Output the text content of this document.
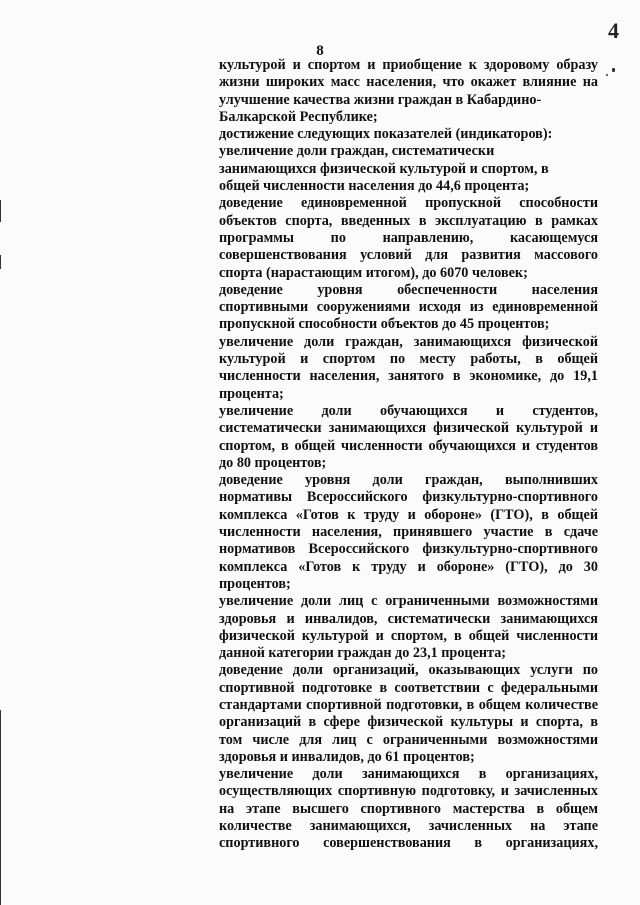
8
4
культурой и спортом и приобщение к здоровому образу
жизни широких масс населения, что окажет влияние на
улучшение качества жизни граждан в Кабардино-
Балкарской Республике;
достижение следующих показателей (индикаторов):
увеличение доли граждан, систематически
занимающихся физической культурой и спортом, в
общей численности населения до 44,6 процента;
доведение единовременной пропускной способности
объектов спорта, введенных в эксплуатацию в рамках
программы по направлению, касающемуся
совершенствования условий для развития массового
спорта (нарастающим итогом), до 6070 человек;
доведение уровня обеспеченности населения
спортивными сооружениями исходя из единовременной
пропускной способности объектов до 45 процентов;
увеличение доли граждан, занимающихся физической
культурой и спортом по месту работы, в общей
численности населения, занятого в экономике, до 19,1
процента;
увеличение доли обучающихся и студентов,
систематически занимающихся физической культурой и
спортом, в общей численности обучающихся и студентов
до 80 процентов;
доведение уровня доли граждан, выполнивших
нормативы Всероссийского физкультурно-спортивного
комплекса «Готов к труду и обороне» (ГТО), в общей
численности населения, принявшего участие в сдаче
нормативов Всероссийского физкультурно-спортивного
комплекса «Готов к труду и обороне» (ГТО), до 30
процентов;
увеличение доли лиц с ограниченными возможностями
здоровья и инвалидов, систематически занимающихся
физической культурой и спортом, в общей численности
данной категории граждан до 23,1 процента;
доведение доли организаций, оказывающих услуги по
спортивной подготовке в соответствии с федеральными
стандартами спортивной подготовки, в общем количестве
организаций в сфере физической культуры и спорта, в
том числе для лиц с ограниченными возможностями
здоровья и инвалидов, до 61 процентов;
увеличение доли занимающихся в организациях,
осуществляющих спортивную подготовку, и зачисленных
на этапе высшего спортивного мастерства в общем
количестве занимающихся, зачисленных на этапе
спортивного совершенствования в организациях,
